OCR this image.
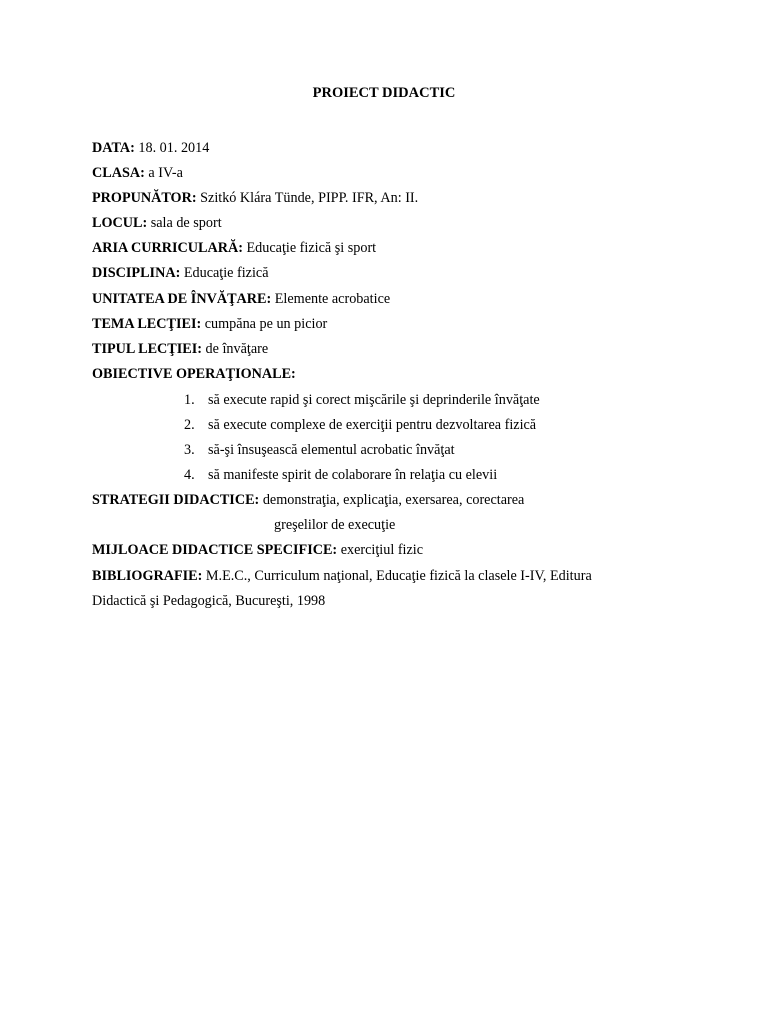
PROIECT DIDACTIC
DATA: 18. 01. 2014
CLASA: a IV-a
PROPUNĂTOR: Szitkó Klára Tünde, PIPP. IFR, An: II.
LOCUL: sala de sport
ARIA CURRICULARĂ: Educaţie fizică şi sport
DISCIPLINA: Educaţie fizică
UNITATEA DE ÎNVĂŢARE: Elemente acrobatice
TEMA LECŢIEI: cumpăna pe un picior
TIPUL LECŢIEI: de învăţare
OBIECTIVE OPERAŢIONALE:
1. să execute rapid şi corect mişcările şi deprinderile învăţate
2. să execute complexe de exerciţii pentru dezvoltarea fizică
3. să-şi însuşească elementul acrobatic învăţat
4. să manifeste spirit de colaborare în relaţia cu elevii
STRATEGII DIDACTICE: demonstraţia, explicaţia, exersarea, corectarea
greşelilor de execuţie
MIJLOACE DIDACTICE SPECIFICE: exerciţiul fizic
BIBLIOGRAFIE: M.E.C., Curriculum naţional, Educaţie fizică la clasele I-IV, Editura
Didactică şi Pedagogică, Bucureşti, 1998
